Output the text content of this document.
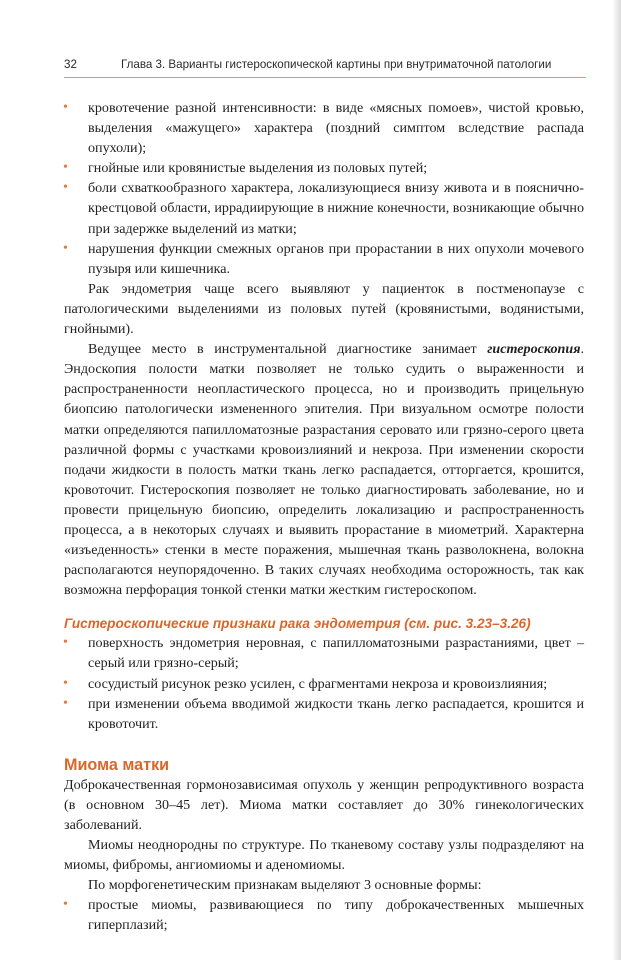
32	Глава 3. Варианты гистероскопической картины при внутриматочной патологии
• кровотечение разной интенсивности: в виде «мясных помоев», чистой кровью, выделения «мажущего» характера (поздний симптом вследствие распада опухоли);
• гнойные или кровянистые выделения из половых путей;
• боли схваткообразного характера, локализующиеся внизу живота и в пояснично-крестцовой области, иррадиирующие в нижние конечности, возникающие обычно при задержке выделений из матки;
• нарушения функции смежных органов при прорастании в них опухоли мочевого пузыря или кишечника.

Рак эндометрия чаще всего выявляют у пациенток в постменопаузе с патологическими выделениями из половых путей (кровянистыми, водянистыми, гнойными).

Ведущее место в инструментальной диагностике занимает гистероскопия. Эндоскопия полости матки позволяет не только судить о выраженности и распространенности неопластического процесса, но и производить прицельную биопсию патологически измененного эпителия. При визуальном осмотре полости матки определяются папилломатозные разрастания серовато или грязно-серого цвета различной формы с участками кровоизлияний и некроза. При изменении скорости подачи жидкости в полость матки ткань легко распадается, отторгается, крошится, кровоточит. Гистероскопия позволяет не только диагностировать заболевание, но и провести прицельную биопсию, определить локализацию и распространенность процесса, а в некоторых случаях и выявить прорастание в миометрий. Характерна «изъеденность» стенки в месте поражения, мышечная ткань разволокнена, волокна располагаются неупорядоченно. В таких случаях необходима осторожность, так как возможна перфорация тонкой стенки матки жестким гистероскопом.

Гистероскопические признаки рака эндометрия (см. рис. 3.23–3.26)
• поверхность эндометрия неровная, с папилломатозными разрастаниями, цвет – серый или грязно-серый;
• сосудистый рисунок резко усилен, с фрагментами некроза и кровоизлияния;
• при изменении объема вводимой жидкости ткань легко распадается, крошится и кровоточит.
Миома матки

Доброкачественная гормонозависимая опухоль у женщин репродуктивного возраста (в основном 30–45 лет). Миома матки составляет до 30% гинекологических заболеваний.

Миомы неоднородны по структуре. По тканевому составу узлы подразделяют на миомы, фибромы, ангиомиомы и аденомиомы.

По морфогенетическим признакам выделяют 3 основные формы:

• простые миомы, развивающиеся по типу доброкачественных мышечных гиперплазий;
